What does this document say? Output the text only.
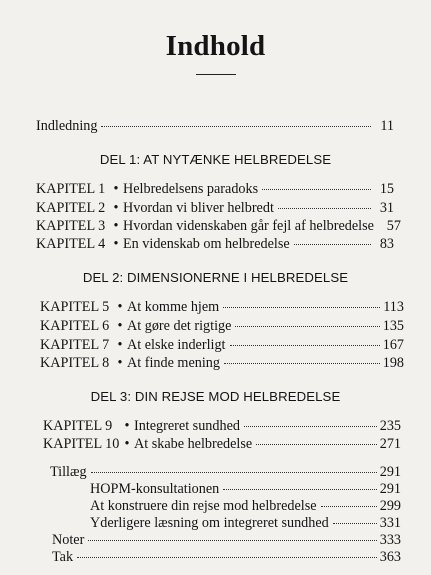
Indhold
Indledning	11
DEL 1: AT NYTÆNKE HELBREDELSE
KAPITEL 1 • Helbredelsens paradoks	15
KAPITEL 2 • Hvordan vi bliver helbredt	31
KAPITEL 3 • Hvordan videnskaben går fejl af helbredelse 57
KAPITEL 4 • En videnskab om helbredelse	83
DEL 2: DIMENSIONERNE I HELBREDELSE
KAPITEL 5 • At komme hjem	113
KAPITEL 6 • At gøre det rigtige	135
KAPITEL 7 • At elske inderligt	167
KAPITEL 8 • At finde mening	198
DEL 3: DIN REJSE MOD HELBREDELSE
KAPITEL 9 • Integreret sundhed	235
KAPITEL 10 • At skabe helbredelse	271
Tillæg	291
HOPM-konsultationen	291
At konstruere din rejse mod helbredelse	299
Yderligere læsning om integreret sundhed	331
Noter	333
Tak	363
